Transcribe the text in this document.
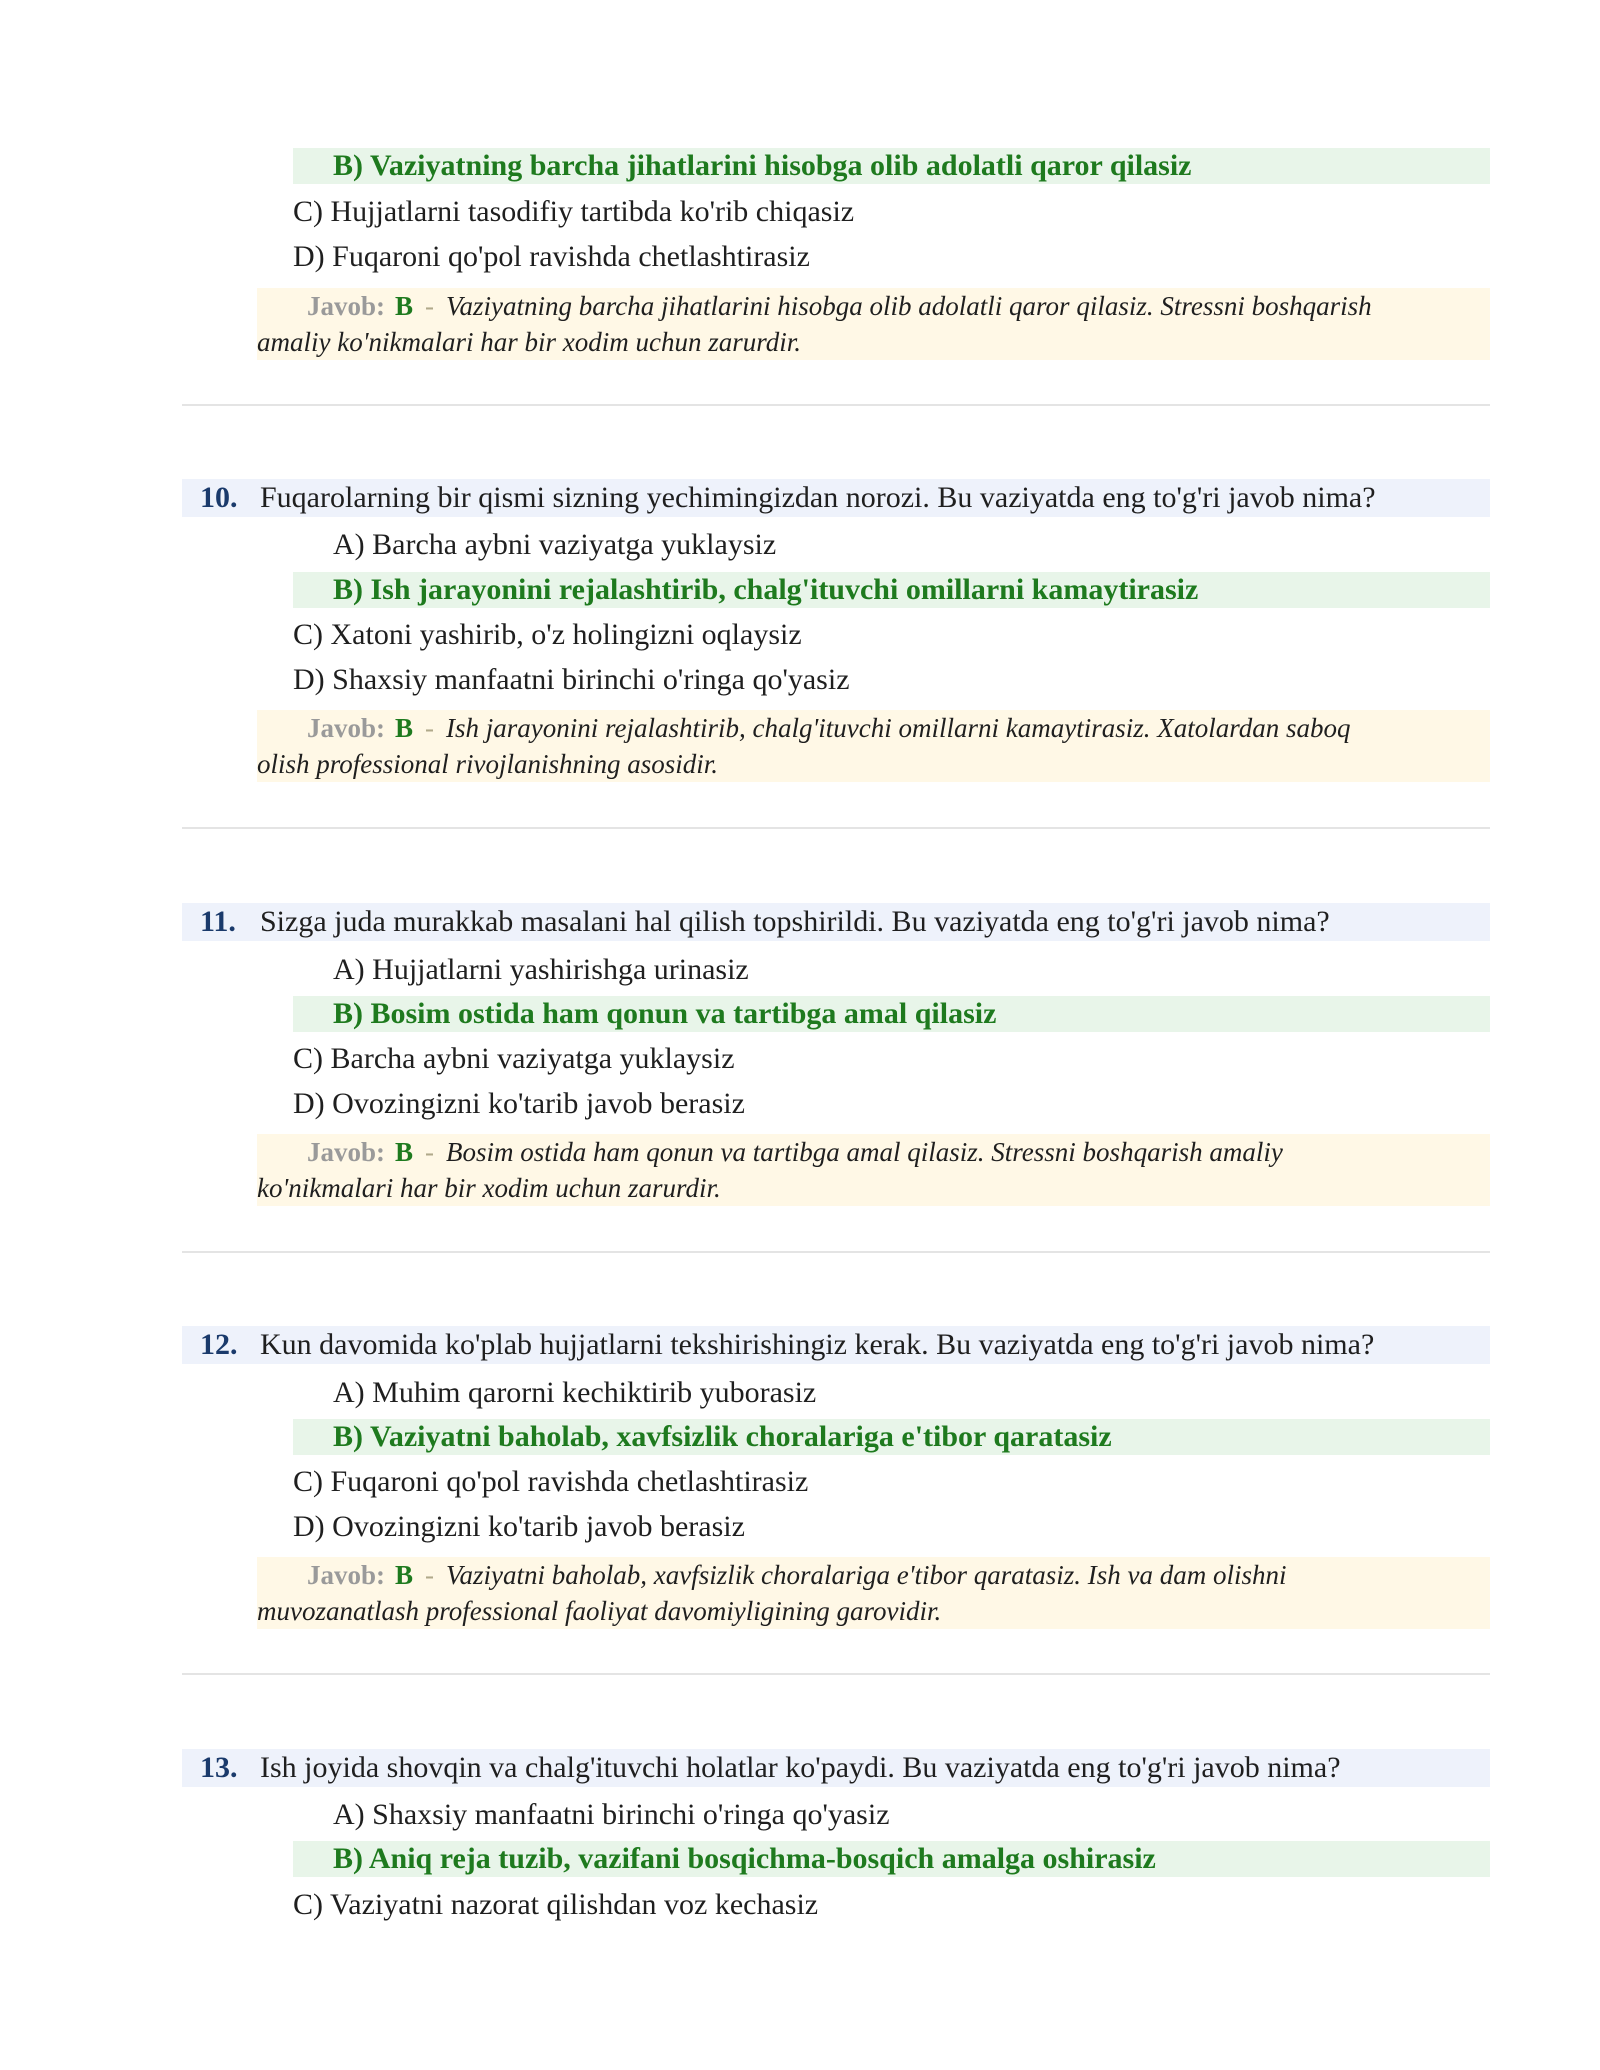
B) Vaziyatning barcha jihatlarini hisobga olib adolatli qaror qilasiz
C) Hujjatlarni tasodifiy tartibda ko'rib chiqasiz
D) Fuqaroni qo'pol ravishda chetlashtirasiz
Javob: B - Vaziyatning barcha jihatlarini hisobga olib adolatli qaror qilasiz. Stressni boshqarish
amaliy ko'nikmalari har bir xodim uchun zarurdir.
10. Fuqarolarning bir qismi sizning yechimingizdan norozi. Bu vaziyatda eng to'g'ri javob nima?
A) Barcha aybni vaziyatga yuklaysiz
B) Ish jarayonini rejalashtirib, chalg'ituvchi omillarni kamaytirasiz
C) Xatoni yashirib, o'z holingizni oqlaysiz
D) Shaxsiy manfaatni birinchi o'ringa qo'yasiz
Javob: B - Ish jarayonini rejalashtirib, chalg'ituvchi omillarni kamaytirasiz. Xatolardan saboq
olish professional rivojlanishning asosidir.
11. Sizga juda murakkab masalani hal qilish topshirildi. Bu vaziyatda eng to'g'ri javob nima?
A) Hujjatlarni yashirishga urinasiz
B) Bosim ostida ham qonun va tartibga amal qilasiz
C) Barcha aybni vaziyatga yuklaysiz
D) Ovozingizni ko'tarib javob berasiz
Javob: B - Bosim ostida ham qonun va tartibga amal qilasiz. Stressni boshqarish amaliy
ko'nikmalari har bir xodim uchun zarurdir.
12. Kun davomida ko'plab hujjatlarni tekshirishingiz kerak. Bu vaziyatda eng to'g'ri javob nima?
A) Muhim qarorni kechiktirib yuborasiz
B) Vaziyatni baholab, xavfsizlik choralariga e'tibor qaratasiz
C) Fuqaroni qo'pol ravishda chetlashtirasiz
D) Ovozingizni ko'tarib javob berasiz
Javob: B - Vaziyatni baholab, xavfsizlik choralariga e'tibor qaratasiz. Ish va dam olishni
muvozanatlash professional faoliyat davomiyligining garovidir.
13. Ish joyida shovqin va chalg'ituvchi holatlar ko'paydi. Bu vaziyatda eng to'g'ri javob nima?
A) Shaxsiy manfaatni birinchi o'ringa qo'yasiz
B) Aniq reja tuzib, vazifani bosqichma-bosqich amalga oshirasiz
C) Vaziyatni nazorat qilishdan voz kechasiz
